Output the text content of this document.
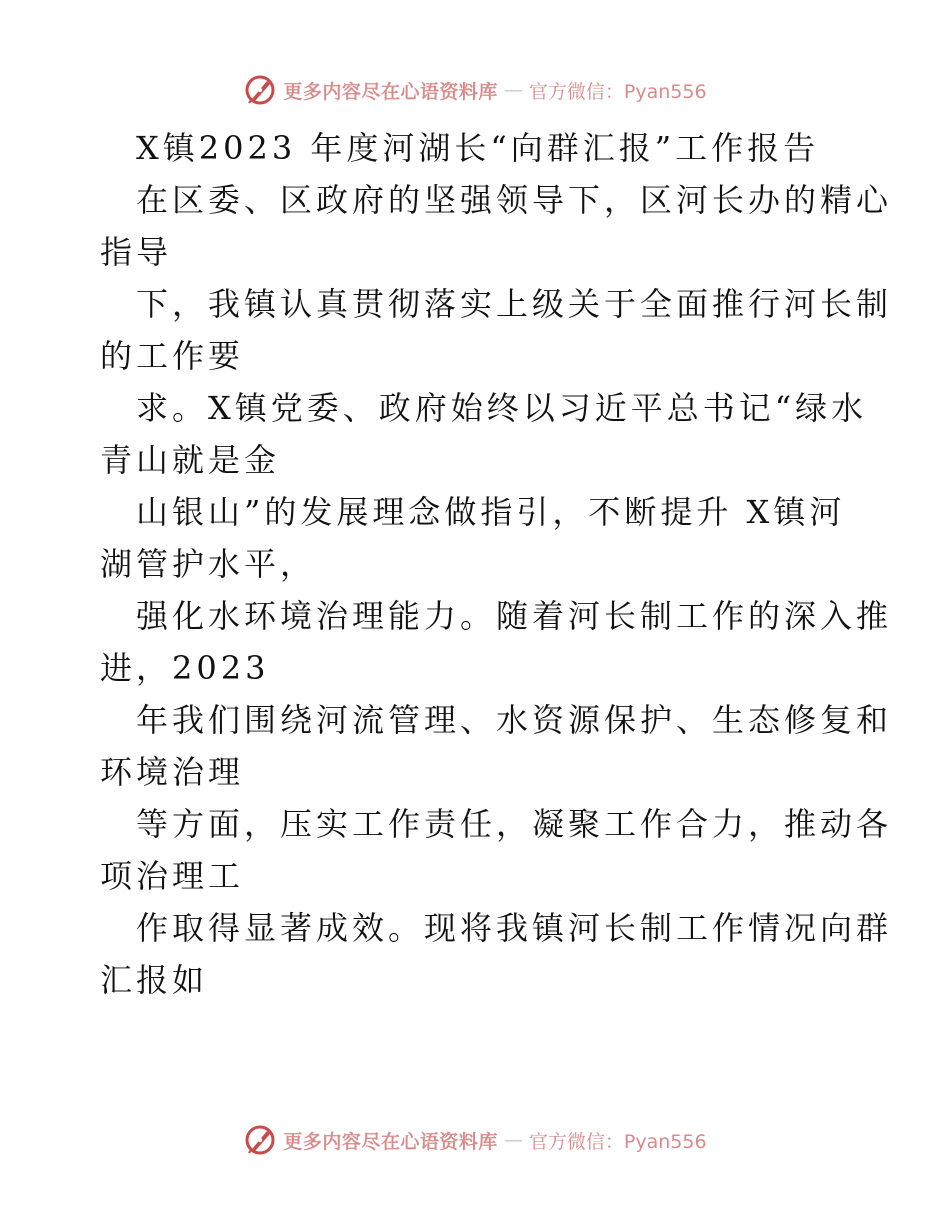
更多内容尽在心语资料库 — 官方微信：Pyan556

X镇2023 年度河湖长“向群汇报”工作报告

在区委、区政府的坚强领导下，区河长办的精心

指导

下，我镇认真贯彻落实上级关于全面推行河长制

的工作要

求。X镇党委、政府始终以习近平总书记“绿水

青山就是金

山银山”的发展理念做指引，不断提升 X镇河

湖管护水平，

强化水环境治理能力。随着河长制工作的深入推

进，2023

年我们围绕河流管理、水资源保护、生态修复和

环境治理

等方面，压实工作责任，凝聚工作合力，推动各

项治理工

作取得显著成效。现将我镇河长制工作情况向群

汇报如

更多内容尽在心语资料库 — 官方微信：Pyan556
